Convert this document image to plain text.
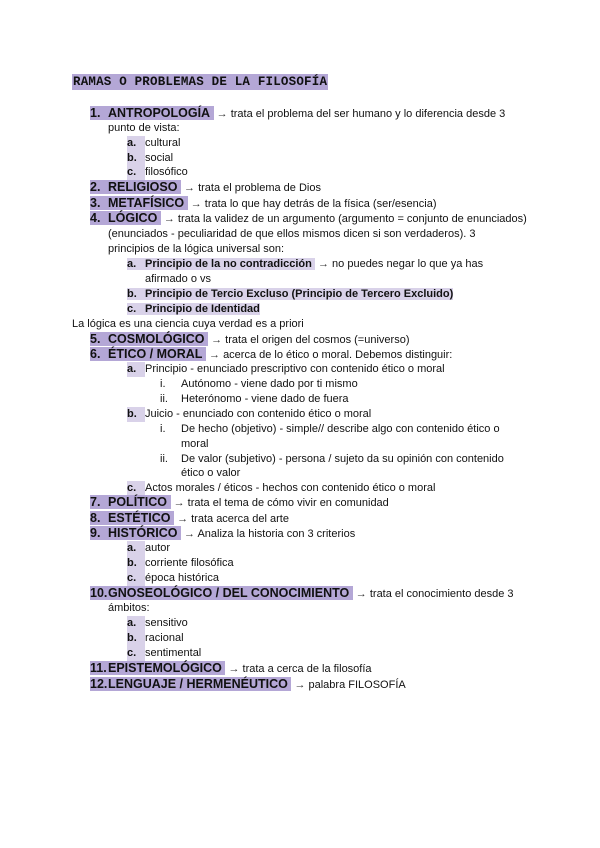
RAMAS O PROBLEMAS DE LA FILOSOFÍA
1. ANTROPOLOGÍA → trata el problema del ser humano y lo diferencia desde 3
punto de vista:
a. cultural
b. social
c. filosófico
2. RELIGIOSO → trata el problema de Dios
3. METAFÍSICO → trata lo que hay detrás de la física (ser/esencia)
4. LÓGICO → trata la validez de un argumento (argumento = conjunto de enunciados)
(enunciados - peculiaridad de que ellos mismos dicen si son verdaderos). 3
principios de la lógica universal son:
a. Principio de la no contradicción → no puedes negar lo que ya has
afirmado o vs
b. Principio de Tercio Excluso (Principio de Tercero Excluido)
c. Principio de Identidad
La lógica es una ciencia cuya verdad es a priori
5. COSMOLÓGICO → trata el origen del cosmos (=universo)
6. ÉTICO / MORAL → acerca de lo ético o moral. Debemos distinguir:
a. Principio - enunciado prescriptivo con contenido ético o moral
i. Autónomo - viene dado por ti mismo
ii. Heterónomo - viene dado de fuera
b. Juicio - enunciado con contenido ético o moral
i. De hecho (objetivo) - simple// describe algo con contenido ético o
moral
ii. De valor (subjetivo) - persona / sujeto da su opinión con contenido
ético o valor
c. Actos morales / éticos - hechos con contenido ético o moral
7. POLÍTICO → trata el tema de cómo vivir en comunidad
8. ESTÉTICO → trata acerca del arte
9. HISTÓRICO → Analiza la historia con 3 criterios
a. autor
b. corriente filosófica
c. época histórica
10.GNOSEOLÓGICO / DEL CONOCIMIENTO → trata el conocimiento desde 3
ámbitos:
a. sensitivo
b. racional
c. sentimental
11.EPISTEMOLÓGICO → trata a cerca de la filosofía
12.LENGUAJE / HERMENÉUTICO → palabra FILOSOFÍA
